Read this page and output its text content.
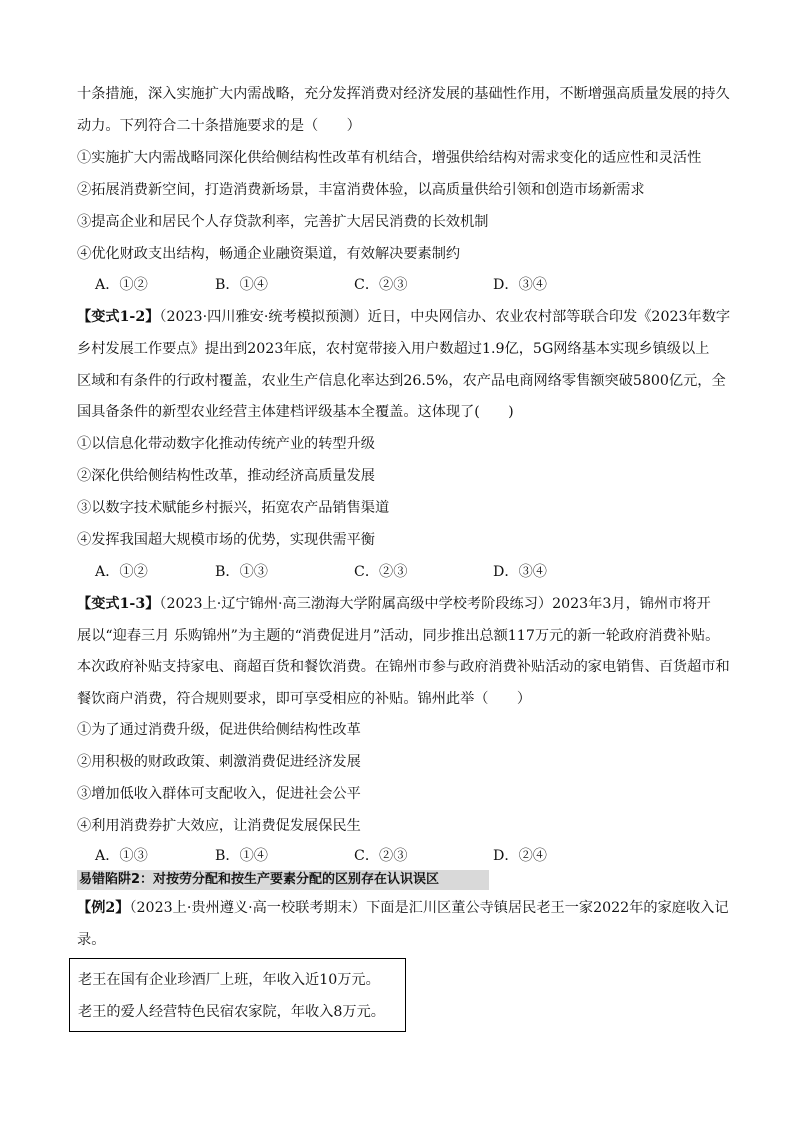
十条措施，深入实施扩大内需战略，充分发挥消费对经济发展的基础性作用，不断增强高质量发展的持久
动力。下列符合二十条措施要求的是（　　）
①实施扩大内需战略同深化供给侧结构性改革有机结合，增强供给结构对需求变化的适应性和灵活性
②拓展消费新空间，打造消费新场景，丰富消费体验，以高质量供给引领和创造市场新需求
③提高企业和居民个人存贷款利率，完善扩大居民消费的长效机制
④优化财政支出结构，畅通企业融资渠道，有效解决要素制约
A．①②	B．①④	C．②③	D．③④
【变式1-2】（2023·四川雅安·统考模拟预测）近日，中央网信办、农业农村部等联合印发《2023年数字
乡村发展工作要点》提出到2023年底，农村宽带接入用户数超过1.9亿，5G网络基本实现乡镇级以上
区域和有条件的行政村覆盖，农业生产信息化率达到26.5%，农产品电商网络零售额突破5800亿元，全
国具备条件的新型农业经营主体建档评级基本全覆盖。这体现了(　　)
①以信息化带动数字化推动传统产业的转型升级
②深化供给侧结构性改革，推动经济高质量发展
③以数字技术赋能乡村振兴，拓宽农产品销售渠道
④发挥我国超大规模市场的优势，实现供需平衡
A．①②	B．①③	C．②③	D．③④
【变式1-3】（2023上·辽宁锦州·高三渤海大学附属高级中学校考阶段练习）2023年3月，锦州市将开
展以“迎春三月 乐购锦州”为主题的“消费促进月”活动，同步推出总额117万元的新一轮政府消费补贴。
本次政府补贴支持家电、商超百货和餐饮消费。在锦州市参与政府消费补贴活动的家电销售、百货超市和
餐饮商户消费，符合规则要求，即可享受相应的补贴。锦州此举（　　）
①为了通过消费升级，促进供给侧结构性改革
②用积极的财政政策、刺激消费促进经济发展
③增加低收入群体可支配收入，促进社会公平
④利用消费券扩大效应，让消费促发展保民生
A．①③	B．①④	C．②③	D．②④
易错陷阱2：对按劳分配和按生产要素分配的区别存在认识误区
【例2】（2023上·贵州遵义·高一校联考期末）下面是汇川区董公寺镇居民老王一家2022年的家庭收入记
录。
老王在国有企业珍酒厂上班，年收入近10万元。
老王的爱人经营特色民宿农家院，年收入8万元。
